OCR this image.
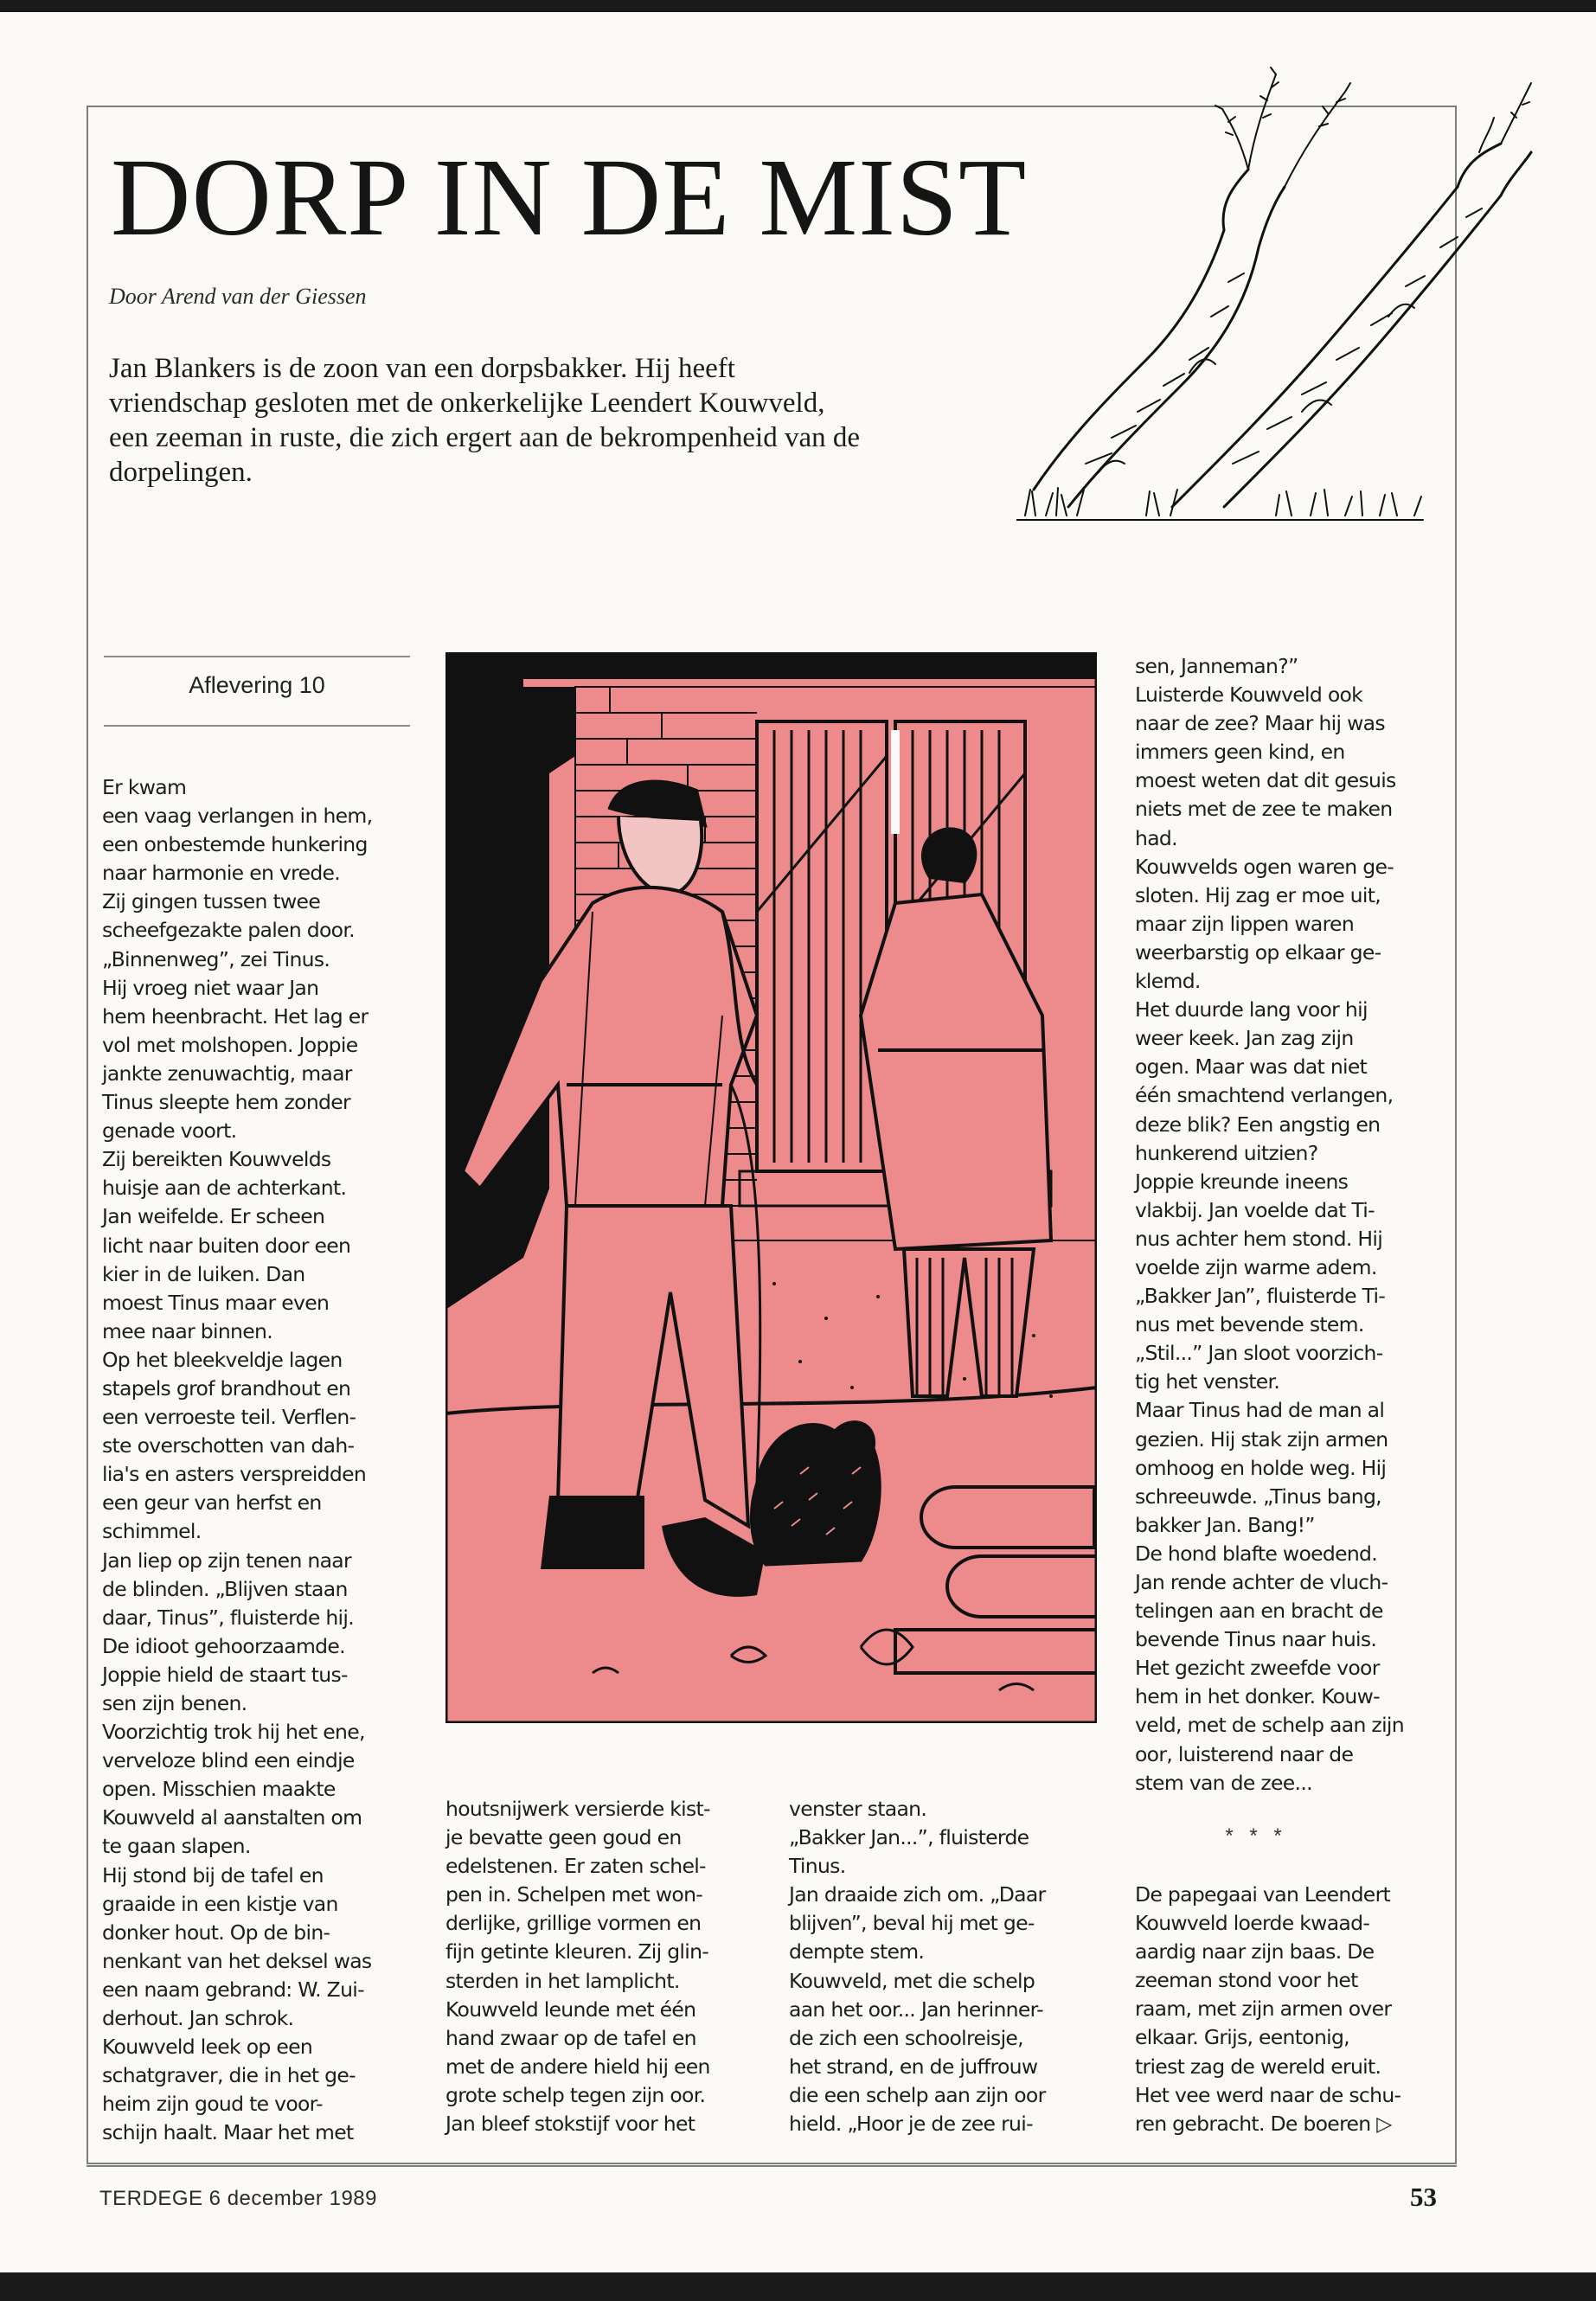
DORP IN DE MIST
Door Arend van der Giessen

Jan Blankers is de zoon van een dorpsbakker. Hij heeft vriendschap gesloten met de onkerkelijke Leendert Kouwveld, een zeeman in ruste, die zich ergert aan de bekrompenheid van de dorpelingen.

Aflevering 10

Er kwam
een vaag verlangen in hem,
een onbestemde hunkering
naar harmonie en vrede.
Zij gingen tussen twee
scheefgezakte palen door.
„Binnenweg”, zei Tinus.
Hij vroeg niet waar Jan
hem heenbracht. Het lag er
vol met molshopen. Joppie
jankte zenuwachtig, maar
Tinus sleepte hem zonder
genade voort.
Zij bereikten Kouwvelds
huisje aan de achterkant.
Jan weifelde. Er scheen
licht naar buiten door een
kier in de luiken. Dan
moest Tinus maar even
mee naar binnen.
Op het bleekveldje lagen
stapels grof brandhout en
een verroeste teil. Verflen-
ste overschotten van dah-
lia's en asters verspreidden
een geur van herfst en
schimmel.
Jan liep op zijn tenen naar
de blinden. „Blijven staan
daar, Tinus”, fluisterde hij.
De idioot gehoorzaamde.
Joppie hield de staart tus-
sen zijn benen.
Voorzichtig trok hij het ene,
verveloze blind een eindje
open. Misschien maakte
Kouwveld al aanstalten om
te gaan slapen.
Hij stond bij de tafel en
graaide in een kistje van
donker hout. Op de bin-
nenkant van het deksel was
een naam gebrand: W. Zui-
derhout. Jan schrok.
Kouwveld leek op een
schatgraver, die in het ge-
heim zijn goud te voor-
schijn haalt. Maar het met

houtsnijwerk versierde kist-
je bevatte geen goud en
edelstenen. Er zaten schel-
pen in. Schelpen met won-
derlijke, grillige vormen en
fijn getinte kleuren. Zij glin-
sterden in het lamplicht.
Kouwveld leunde met één
hand zwaar op de tafel en
met de andere hield hij een
grote schelp tegen zijn oor.
Jan bleef stokstijf voor het

venster staan.
„Bakker Jan...”, fluisterde
Tinus.
Jan draaide zich om. „Daar
blijven”, beval hij met ge-
dempte stem.
Kouwveld, met die schelp
aan het oor... Jan herinner-
de zich een schoolreisje,
het strand, en de juffrouw
die een schelp aan zijn oor
hield. „Hoor je de zee rui-

sen, Janneman?”
Luisterde Kouwveld ook
naar de zee? Maar hij was
immers geen kind, en
moest weten dat dit gesuis
niets met de zee te maken
had.
Kouwvelds ogen waren ge-
sloten. Hij zag er moe uit,
maar zijn lippen waren
weerbarstig op elkaar ge-
klemd.
Het duurde lang voor hij
weer keek. Jan zag zijn
ogen. Maar was dat niet
één smachtend verlangen,
deze blik? Een angstig en
hunkerend uitzien?
Joppie kreunde ineens
vlakbij. Jan voelde dat Ti-
nus achter hem stond. Hij
voelde zijn warme adem.
„Bakker Jan”, fluisterde Ti-
nus met bevende stem.
„Stil...” Jan sloot voorzich-
tig het venster.
Maar Tinus had de man al
gezien. Hij stak zijn armen
omhoog en holde weg. Hij
schreeuwde. „Tinus bang,
bakker Jan. Bang!”
De hond blafte woedend.
Jan rende achter de vluch-
telingen aan en bracht de
bevende Tinus naar huis.
Het gezicht zweefde voor
hem in het donker. Kouw-
veld, met de schelp aan zijn
oor, luisterend naar de
stem van de zee...

* * *

De papegaai van Leendert
Kouwveld loerde kwaad-
aardig naar zijn baas. De
zeeman stond voor het
raam, met zijn armen over
elkaar. Grijs, eentonig,
triest zag de wereld eruit.
Het vee werd naar de schu-
ren gebracht. De boeren ▷

TERDEGE 6 december 1989	53
